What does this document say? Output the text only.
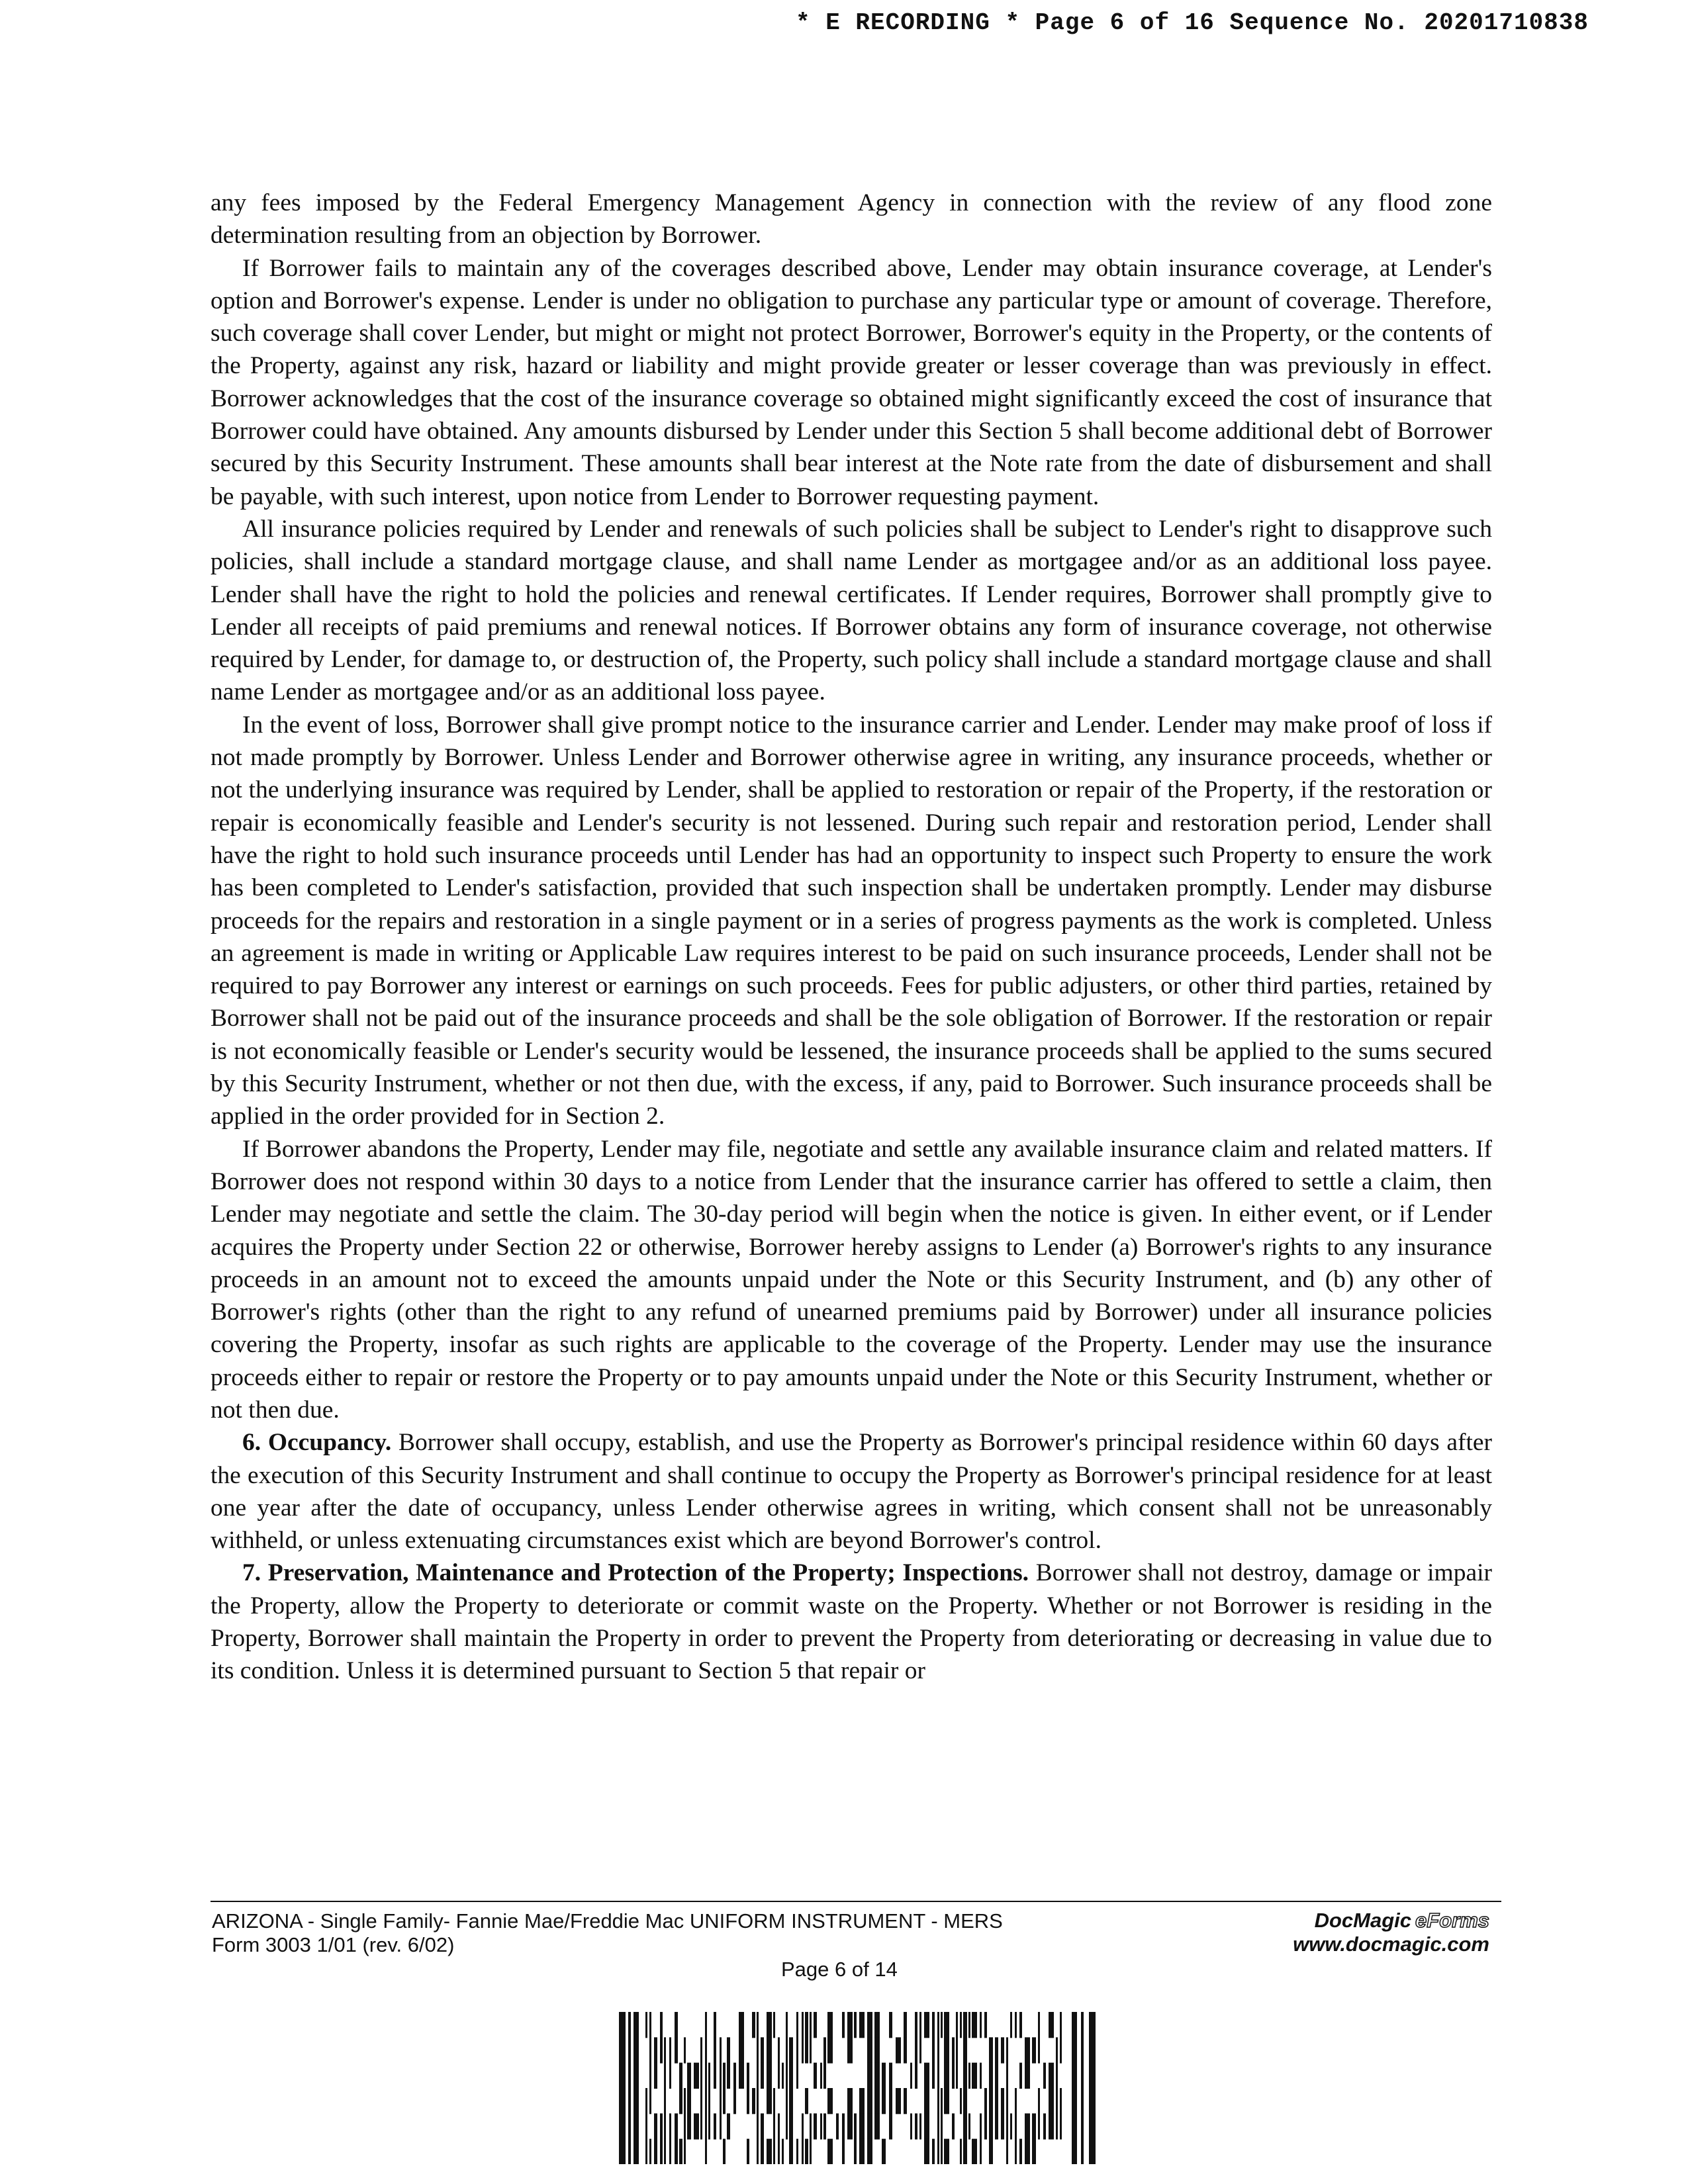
* E RECORDING * Page 6 of 16 Sequence No. 20201710838

any fees imposed by the Federal Emergency Management Agency in connection with the review of any flood zone determination resulting from an objection by Borrower.

If Borrower fails to maintain any of the coverages described above, Lender may obtain insurance coverage, at Lender's option and Borrower's expense. Lender is under no obligation to purchase any particular type or amount of coverage. Therefore, such coverage shall cover Lender, but might or might not protect Borrower, Borrower's equity in the Property, or the contents of the Property, against any risk, hazard or liability and might provide greater or lesser coverage than was previously in effect. Borrower acknowledges that the cost of the insurance coverage so obtained might significantly exceed the cost of insurance that Borrower could have obtained. Any amounts disbursed by Lender under this Section 5 shall become additional debt of Borrower secured by this Security Instrument. These amounts shall bear interest at the Note rate from the date of disbursement and shall be payable, with such interest, upon notice from Lender to Borrower requesting payment.

All insurance policies required by Lender and renewals of such policies shall be subject to Lender's right to disapprove such policies, shall include a standard mortgage clause, and shall name Lender as mortgagee and/or as an additional loss payee. Lender shall have the right to hold the policies and renewal certificates. If Lender requires, Borrower shall promptly give to Lender all receipts of paid premiums and renewal notices. If Borrower obtains any form of insurance coverage, not otherwise required by Lender, for damage to, or destruction of, the Property, such policy shall include a standard mortgage clause and shall name Lender as mortgagee and/or as an additional loss payee.

In the event of loss, Borrower shall give prompt notice to the insurance carrier and Lender. Lender may make proof of loss if not made promptly by Borrower. Unless Lender and Borrower otherwise agree in writing, any insurance proceeds, whether or not the underlying insurance was required by Lender, shall be applied to restoration or repair of the Property, if the restoration or repair is economically feasible and Lender's security is not lessened. During such repair and restoration period, Lender shall have the right to hold such insurance proceeds until Lender has had an opportunity to inspect such Property to ensure the work has been completed to Lender's satisfaction, provided that such inspection shall be undertaken promptly. Lender may disburse proceeds for the repairs and restoration in a single payment or in a series of progress payments as the work is completed. Unless an agreement is made in writing or Applicable Law requires interest to be paid on such insurance proceeds, Lender shall not be required to pay Borrower any interest or earnings on such proceeds. Fees for public adjusters, or other third parties, retained by Borrower shall not be paid out of the insurance proceeds and shall be the sole obligation of Borrower. If the restoration or repair is not economically feasible or Lender's security would be lessened, the insurance proceeds shall be applied to the sums secured by this Security Instrument, whether or not then due, with the excess, if any, paid to Borrower. Such insurance proceeds shall be applied in the order provided for in Section 2.

If Borrower abandons the Property, Lender may file, negotiate and settle any available insurance claim and related matters. If Borrower does not respond within 30 days to a notice from Lender that the insurance carrier has offered to settle a claim, then Lender may negotiate and settle the claim. The 30-day period will begin when the notice is given. In either event, or if Lender acquires the Property under Section 22 or otherwise, Borrower hereby assigns to Lender (a) Borrower's rights to any insurance proceeds in an amount not to exceed the amounts unpaid under the Note or this Security Instrument, and (b) any other of Borrower's rights (other than the right to any refund of unearned premiums paid by Borrower) under all insurance policies covering the Property, insofar as such rights are applicable to the coverage of the Property. Lender may use the insurance proceeds either to repair or restore the Property or to pay amounts unpaid under the Note or this Security Instrument, whether or not then due.

6. Occupancy. Borrower shall occupy, establish, and use the Property as Borrower's principal residence within 60 days after the execution of this Security Instrument and shall continue to occupy the Property as Borrower's principal residence for at least one year after the date of occupancy, unless Lender otherwise agrees in writing, which consent shall not be unreasonably withheld, or unless extenuating circumstances exist which are beyond Borrower's control.

7. Preservation, Maintenance and Protection of the Property; Inspections. Borrower shall not destroy, damage or impair the Property, allow the Property to deteriorate or commit waste on the Property. Whether or not Borrower is residing in the Property, Borrower shall maintain the Property in order to prevent the Property from deteriorating or decreasing in value due to its condition. Unless it is determined pursuant to Section 5 that repair or

ARIZONA - Single Family- Fannie Mae/Freddie Mac UNIFORM INSTRUMENT - MERS
Form 3003 1/01 (rev. 6/02)
Page 6 of 14
DocMagic eForms
www.docmagic.com
